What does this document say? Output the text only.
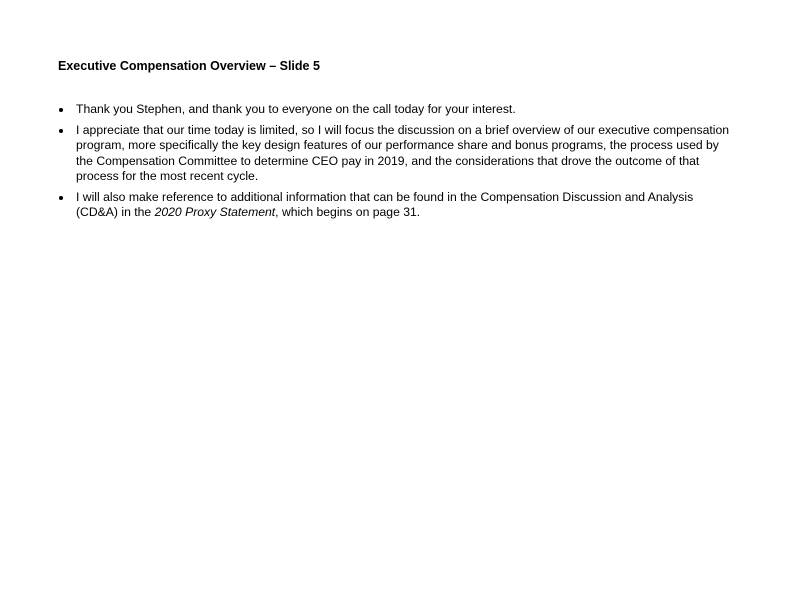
Executive Compensation Overview – Slide 5
Thank you Stephen, and thank you to everyone on the call today for your interest.
I appreciate that our time today is limited, so I will focus the discussion on a brief overview of our executive compensation program, more specifically the key design features of our performance share and bonus programs, the process used by the Compensation Committee to determine CEO pay in 2019, and the considerations that drove the outcome of that process for the most recent cycle.
I will also make reference to additional information that can be found in the Compensation Discussion and Analysis (CD&A) in the 2020 Proxy Statement, which begins on page 31.
